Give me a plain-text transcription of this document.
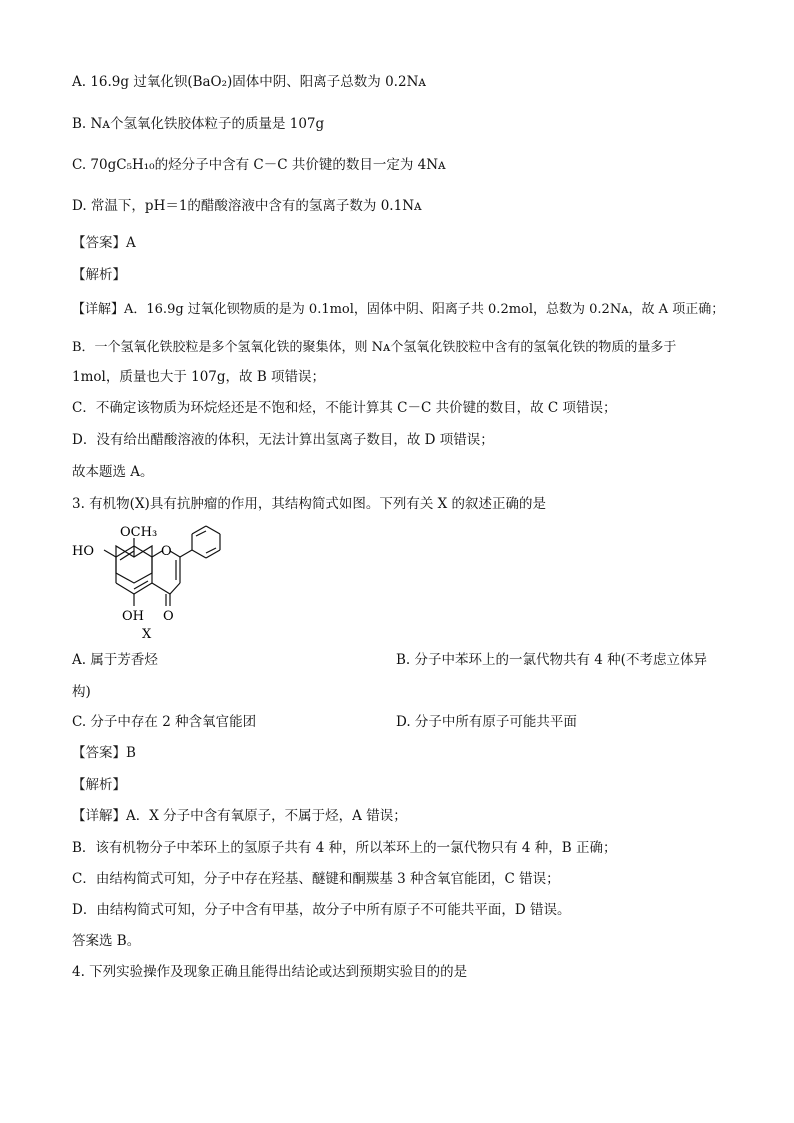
A. 16.9g 过氧化钡(BaO₂)固体中阴、阳离子总数为 0.2Nᴀ
B. Nᴀ个氢氧化铁胶体粒子的质量是 107g
C. 70gC₅H₁₀的烃分子中含有 C－C 共价键的数目一定为 4Nᴀ
D. 常温下，pH＝1的醋酸溶液中含有的氢离子数为 0.1Nᴀ
【答案】A
【解析】
【详解】A．16.9g 过氧化钡物质的是为 0.1mol，固体中阴、阳离子共 0.2mol，总数为 0.2Nᴀ，故 A 项正确；
B．一个氢氧化铁胶粒是多个氢氧化铁的聚集体，则 Nᴀ个氢氧化铁胶粒中含有的氢氧化铁的物质的量多于
1mol，质量也大于 107g，故 B 项错误；
C．不确定该物质为环烷烃还是不饱和烃，不能计算其 C－C 共价键的数目，故 C 项错误；
D．没有给出醋酸溶液的体积，无法计算出氢离子数目，故 D 项错误；
故本题选 A。
3. 有机物(X)具有抗肿瘤的作用，其结构简式如图。下列有关 X 的叙述正确的是
OCH₃
HO	O
OH O
X
A. 属于芳香烃	B. 分子中苯环上的一氯代物共有 4 种(不考虑立体异
构)
C. 分子中存在 2 种含氧官能团	D. 分子中所有原子可能共平面
【答案】B
【解析】
【详解】A．X 分子中含有氧原子，不属于烃，A 错误；
B．该有机物分子中苯环上的氢原子共有 4 种，所以苯环上的一氯代物只有 4 种，B 正确；
C．由结构简式可知，分子中存在羟基、醚键和酮羰基 3 种含氧官能团，C 错误；
D．由结构简式可知，分子中含有甲基，故分子中所有原子不可能共平面，D 错误。
答案选 B。
4. 下列实验操作及现象正确且能得出结论或达到预期实验目的的是
